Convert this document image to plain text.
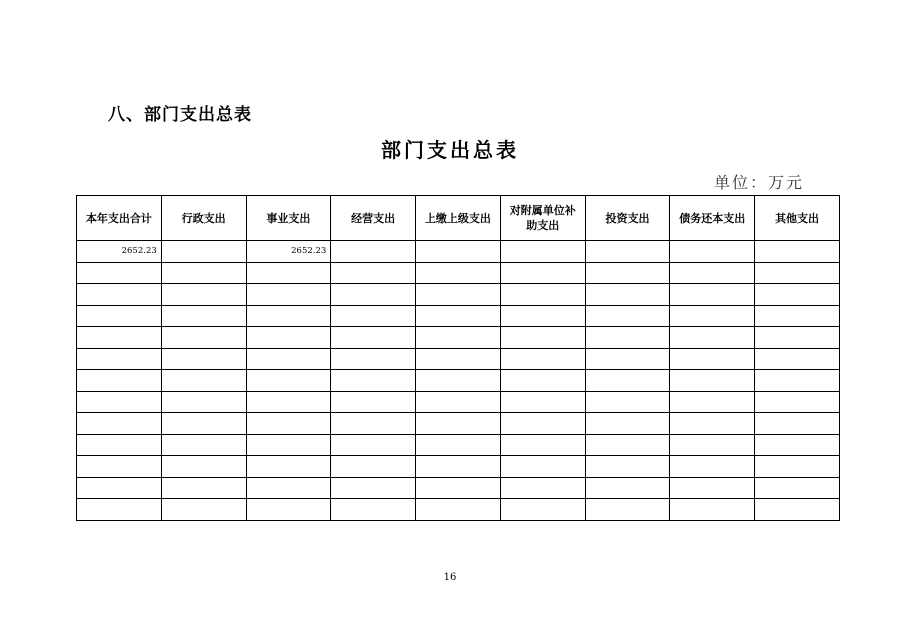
八、部门支出总表
部门支出总表
单位：万元
本年支出合计	行政支出	事业支出	经营支出	上缴上级支出	对附属单位补助支出	投资支出	债务还本支出	其他支出
2652.23		2652.23						

16
